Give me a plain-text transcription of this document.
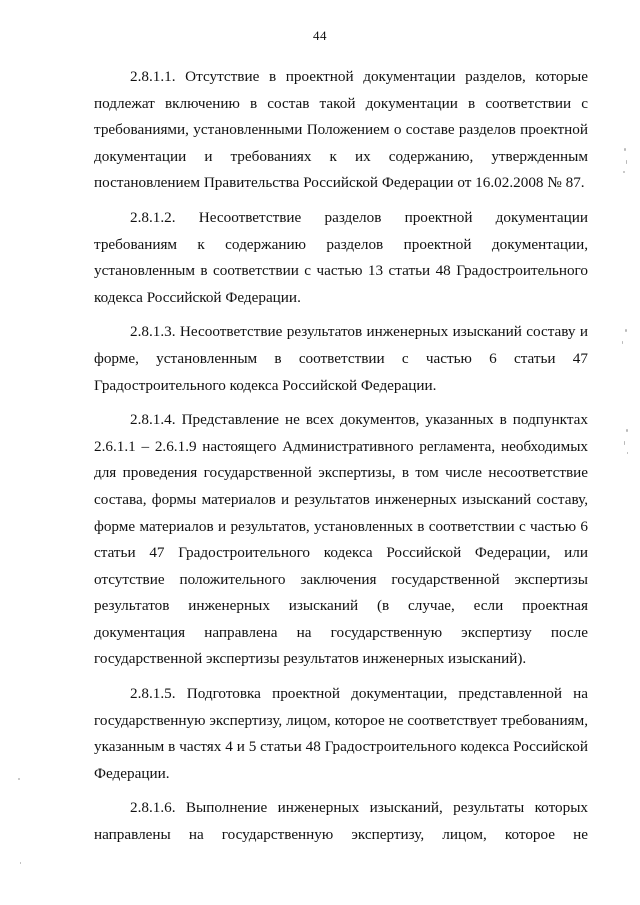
44

2.8.1.1. Отсутствие в проектной документации разделов, которые подлежат включению в состав такой документации в соответствии с требованиями, установленными Положением о составе разделов проектной документации и требованиях к их содержанию, утвержденным постановлением Правительства Российской Федерации от 16.02.2008 № 87.

2.8.1.2. Несоответствие разделов проектной документации требованиям к содержанию разделов проектной документации, установленным в соответствии с частью 13 статьи 48 Градостроительного кодекса Российской Федерации.

2.8.1.3. Несоответствие результатов инженерных изысканий составу и форме, установленным в соответствии с частью 6 статьи 47 Градостроительного кодекса Российской Федерации.

2.8.1.4. Представление не всех документов, указанных в подпунктах 2.6.1.1 – 2.6.1.9 настоящего Административного регламента, необходимых для проведения государственной экспертизы, в том числе несоответствие состава, формы материалов и результатов инженерных изысканий составу, форме материалов и результатов, установленных в соответствии с частью 6 статьи 47 Градостроительного кодекса Российской Федерации, или отсутствие положительного заключения государственной экспертизы результатов инженерных изысканий (в случае, если проектная документация направлена на государственную экспертизу после государственной экспертизы результатов инженерных изысканий).

2.8.1.5. Подготовка проектной документации, представленной на государственную экспертизу, лицом, которое не соответствует требованиям, указанным в частях 4 и 5 статьи 48 Градостроительного кодекса Российской Федерации.

2.8.1.6. Выполнение инженерных изысканий, результаты которых направлены на государственную экспертизу, лицом, которое не
